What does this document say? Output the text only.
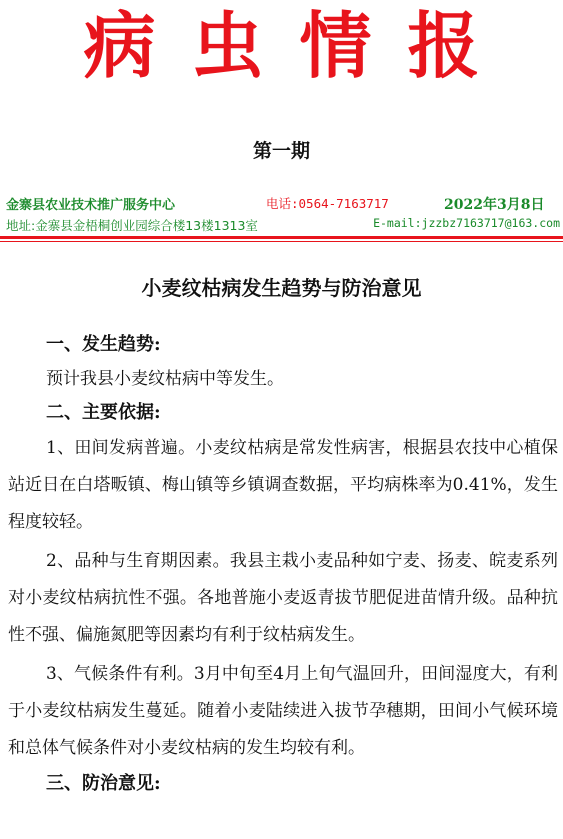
病虫情报
第一期
金寨县农业技术推广服务中心	电话:0564-7163717	2022年3月8日
地址:金寨县金梧桐创业园综合楼13楼1313室	E-mail:jzzbz7163717@163.com
小麦纹枯病发生趋势与防治意见

一、发生趋势:

预计我县小麦纹枯病中等发生。

二、主要依据:

1、田间发病普遍。小麦纹枯病是常发性病害，根据县农技中心植保站近日在白塔畈镇、梅山镇等乡镇调查数据，平均病株率为0.41%，发生程度较轻。

2、品种与生育期因素。我县主栽小麦品种如宁麦、扬麦、皖麦系列对小麦纹枯病抗性不强。各地普施小麦返青拔节肥促进苗情升级。品种抗性不强、偏施氮肥等因素均有利于纹枯病发生。

3、气候条件有利。3月中旬至4月上旬气温回升，田间湿度大，有利于小麦纹枯病发生蔓延。随着小麦陆续进入拔节孕穗期，田间小气候环境和总体气候条件对小麦纹枯病的发生均较有利。

三、防治意见:
